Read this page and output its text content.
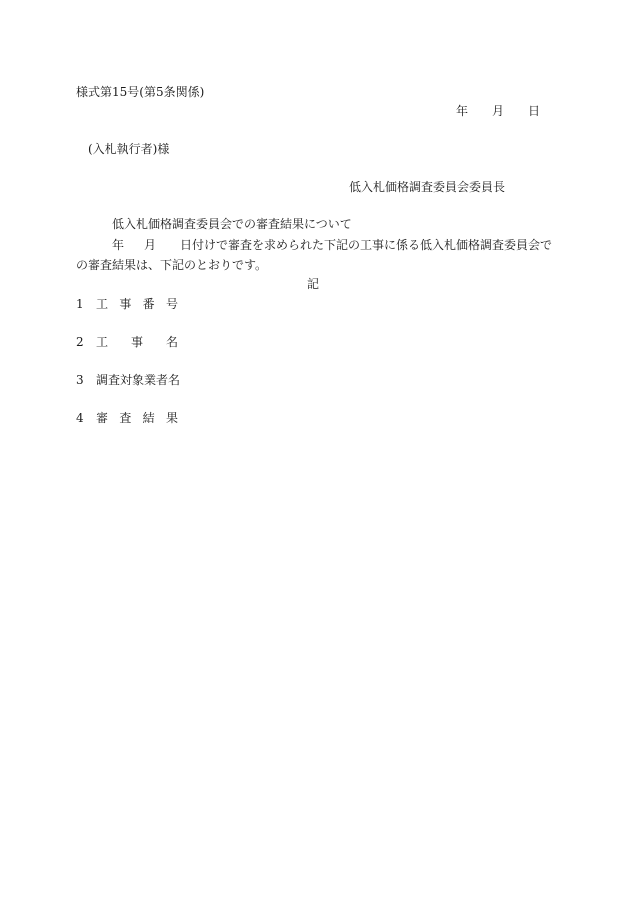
様式第15号(第5条関係)
年 月 日
(入札執行者)様
低入札価格調査委員会委員長
低入札価格調査委員会での審査結果について
年 月 日付けで審査を求められた下記の工事に係る低入札価格調査委員会で
の審査結果は、下記のとおりです。
記
1 工事番号
2 工事名
3 調査対象業者名
4 審査結果
